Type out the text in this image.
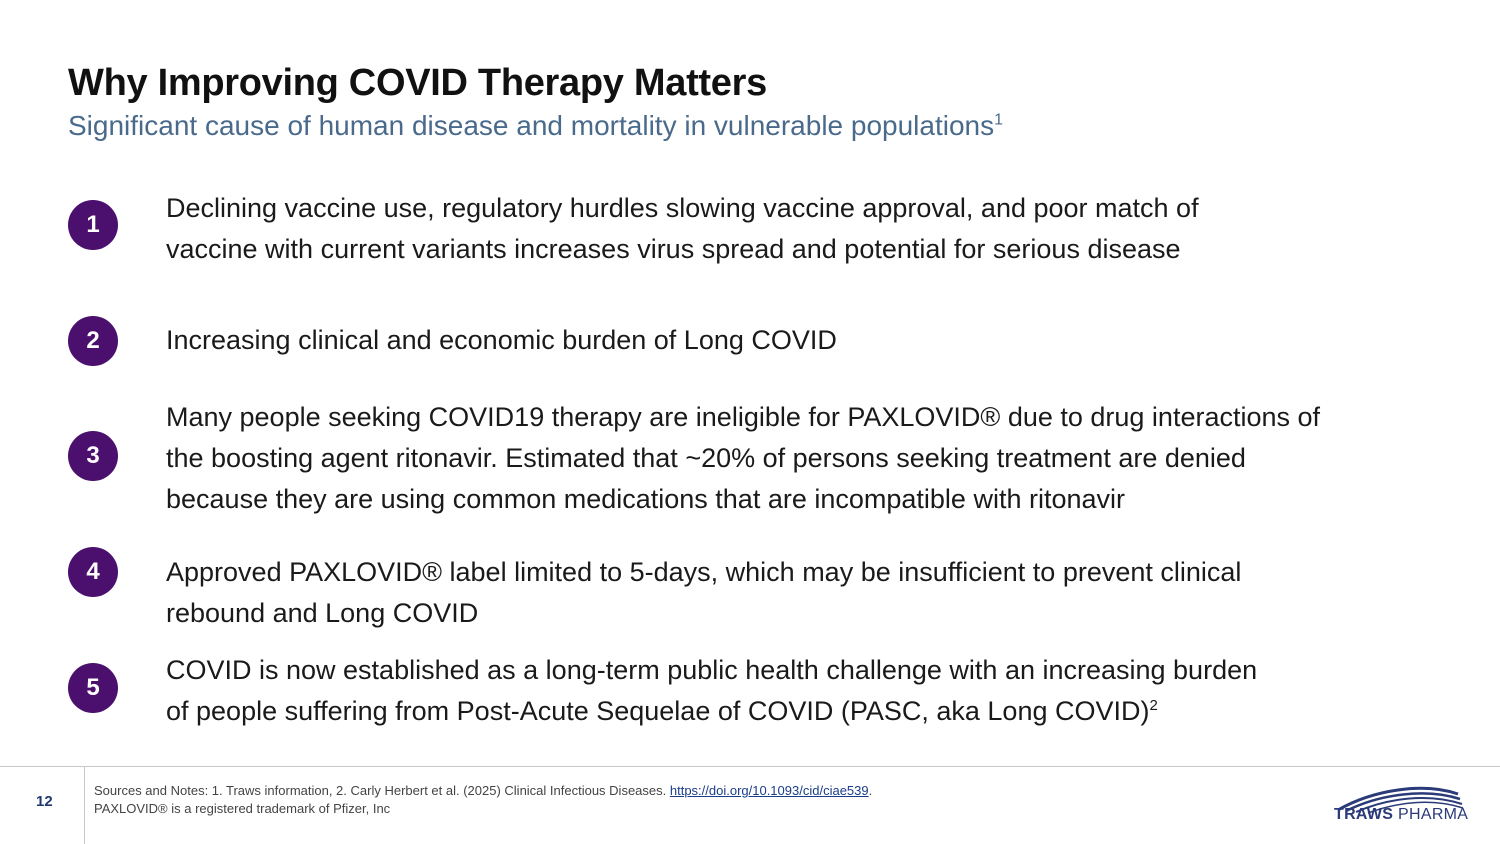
Why Improving COVID Therapy Matters
Significant cause of human disease and mortality in vulnerable populations$^1$
1
Declining vaccine use, regulatory hurdles slowing vaccine approval, and poor match of
vaccine with current variants increases virus spread and potential for serious disease
2	Increasing clinical and economic burden of Long COVID
3
Many people seeking COVID19 therapy are ineligible for PAXLOVID® due to drug interactions of
the boosting agent ritonavir. Estimated that ~20% of persons seeking treatment are denied
because they are using common medications that are incompatible with ritonavir
4	Approved PAXLOVID® label limited to 5-days, which may be insufficient to prevent clinical
rebound and Long COVID
5
COVID is now established as a long-term public health challenge with an increasing burden
of people suffering from Post-Acute Sequelae of COVID (PASC, aka Long COVID)$^2$
12
Sources and Notes: 1. Traws information, 2. Carly Herbert et al. (2025) Clinical Infectious Diseases. https://doi.org/10.1093/cid/ciae539.
PAXLOVID® is a registered trademark of Pfizer, Inc	TRAWS PHARMA
